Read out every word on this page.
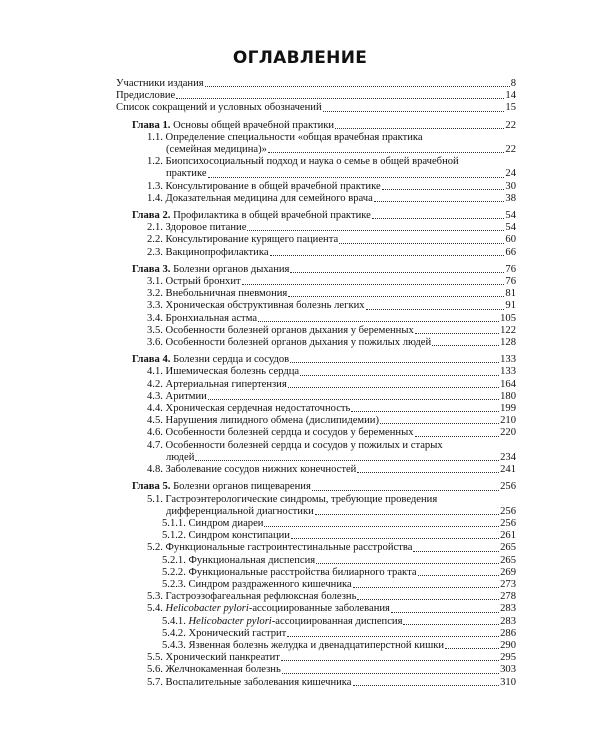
ОГЛАВЛЕНИЕ
Участники издания	8
Предисловие	14
Список сокращений и условных обозначений	15
Глава 1. Основы общей врачебной практики	22
1.1. Определение специальности «общая врачебная практика
(семейная медицина)»	22
1.2. Биопсихосоциальный подход и наука о семье в общей врачебной
практике	24
1.3. Консультирование в общей врачебной практике	30
1.4. Доказательная медицина для семейного врача	38
Глава 2. Профилактика в общей врачебной практике	54
2.1. Здоровое питание	54
2.2. Консультирование курящего пациента	60
2.3. Вакцинопрофилактика	66
Глава 3. Болезни органов дыхания	76
3.1. Острый бронхит	76
3.2. Внебольничная пневмония	81
3.3. Хроническая обструктивная болезнь легких	91
3.4. Бронхиальная астма	105
3.5. Особенности болезней органов дыхания у беременных	122
3.6. Особенности болезней органов дыхания у пожилых людей	128
Глава 4. Болезни сердца и сосудов	133
4.1. Ишемическая болезнь сердца	133
4.2. Артериальная гипертензия	164
4.3. Аритмии	180
4.4. Хроническая сердечная недостаточность	199
4.5. Нарушения липидного обмена (дислипидемии)	210
4.6. Особенности болезней сердца и сосудов у беременных	220
4.7. Особенности болезней сердца и сосудов у пожилых и старых
людей	234
4.8. Заболевание сосудов нижних конечностей	241
Глава 5. Болезни органов пищеварения	256
5.1. Гастроэнтерологические синдромы, требующие проведения
дифференциальной диагностики	256
5.1.1. Синдром диареи	256
5.1.2. Синдром констипации	261
5.2. Функциональные гастроинтестинальные расстройства	265
5.2.1. Функциональная диспепсия	265
5.2.2. Функциональные расстройства билиарного тракта	269
5.2.3. Синдром раздраженного кишечника	273
5.3. Гастроэзофагеальная рефлюксная болезнь	278
5.4. Helicobacter pylori-ассоциированные заболевания	283
5.4.1. Helicobacter pylori-ассоциированная диспепсия	283
5.4.2. Хронический гастрит	286
5.4.3. Язвенная болезнь желудка и двенадцатиперстной кишки	290
5.5. Хронический панкреатит	295
5.6. Желчнокаменная болезнь	303
5.7. Воспалительные заболевания кишечника	310
